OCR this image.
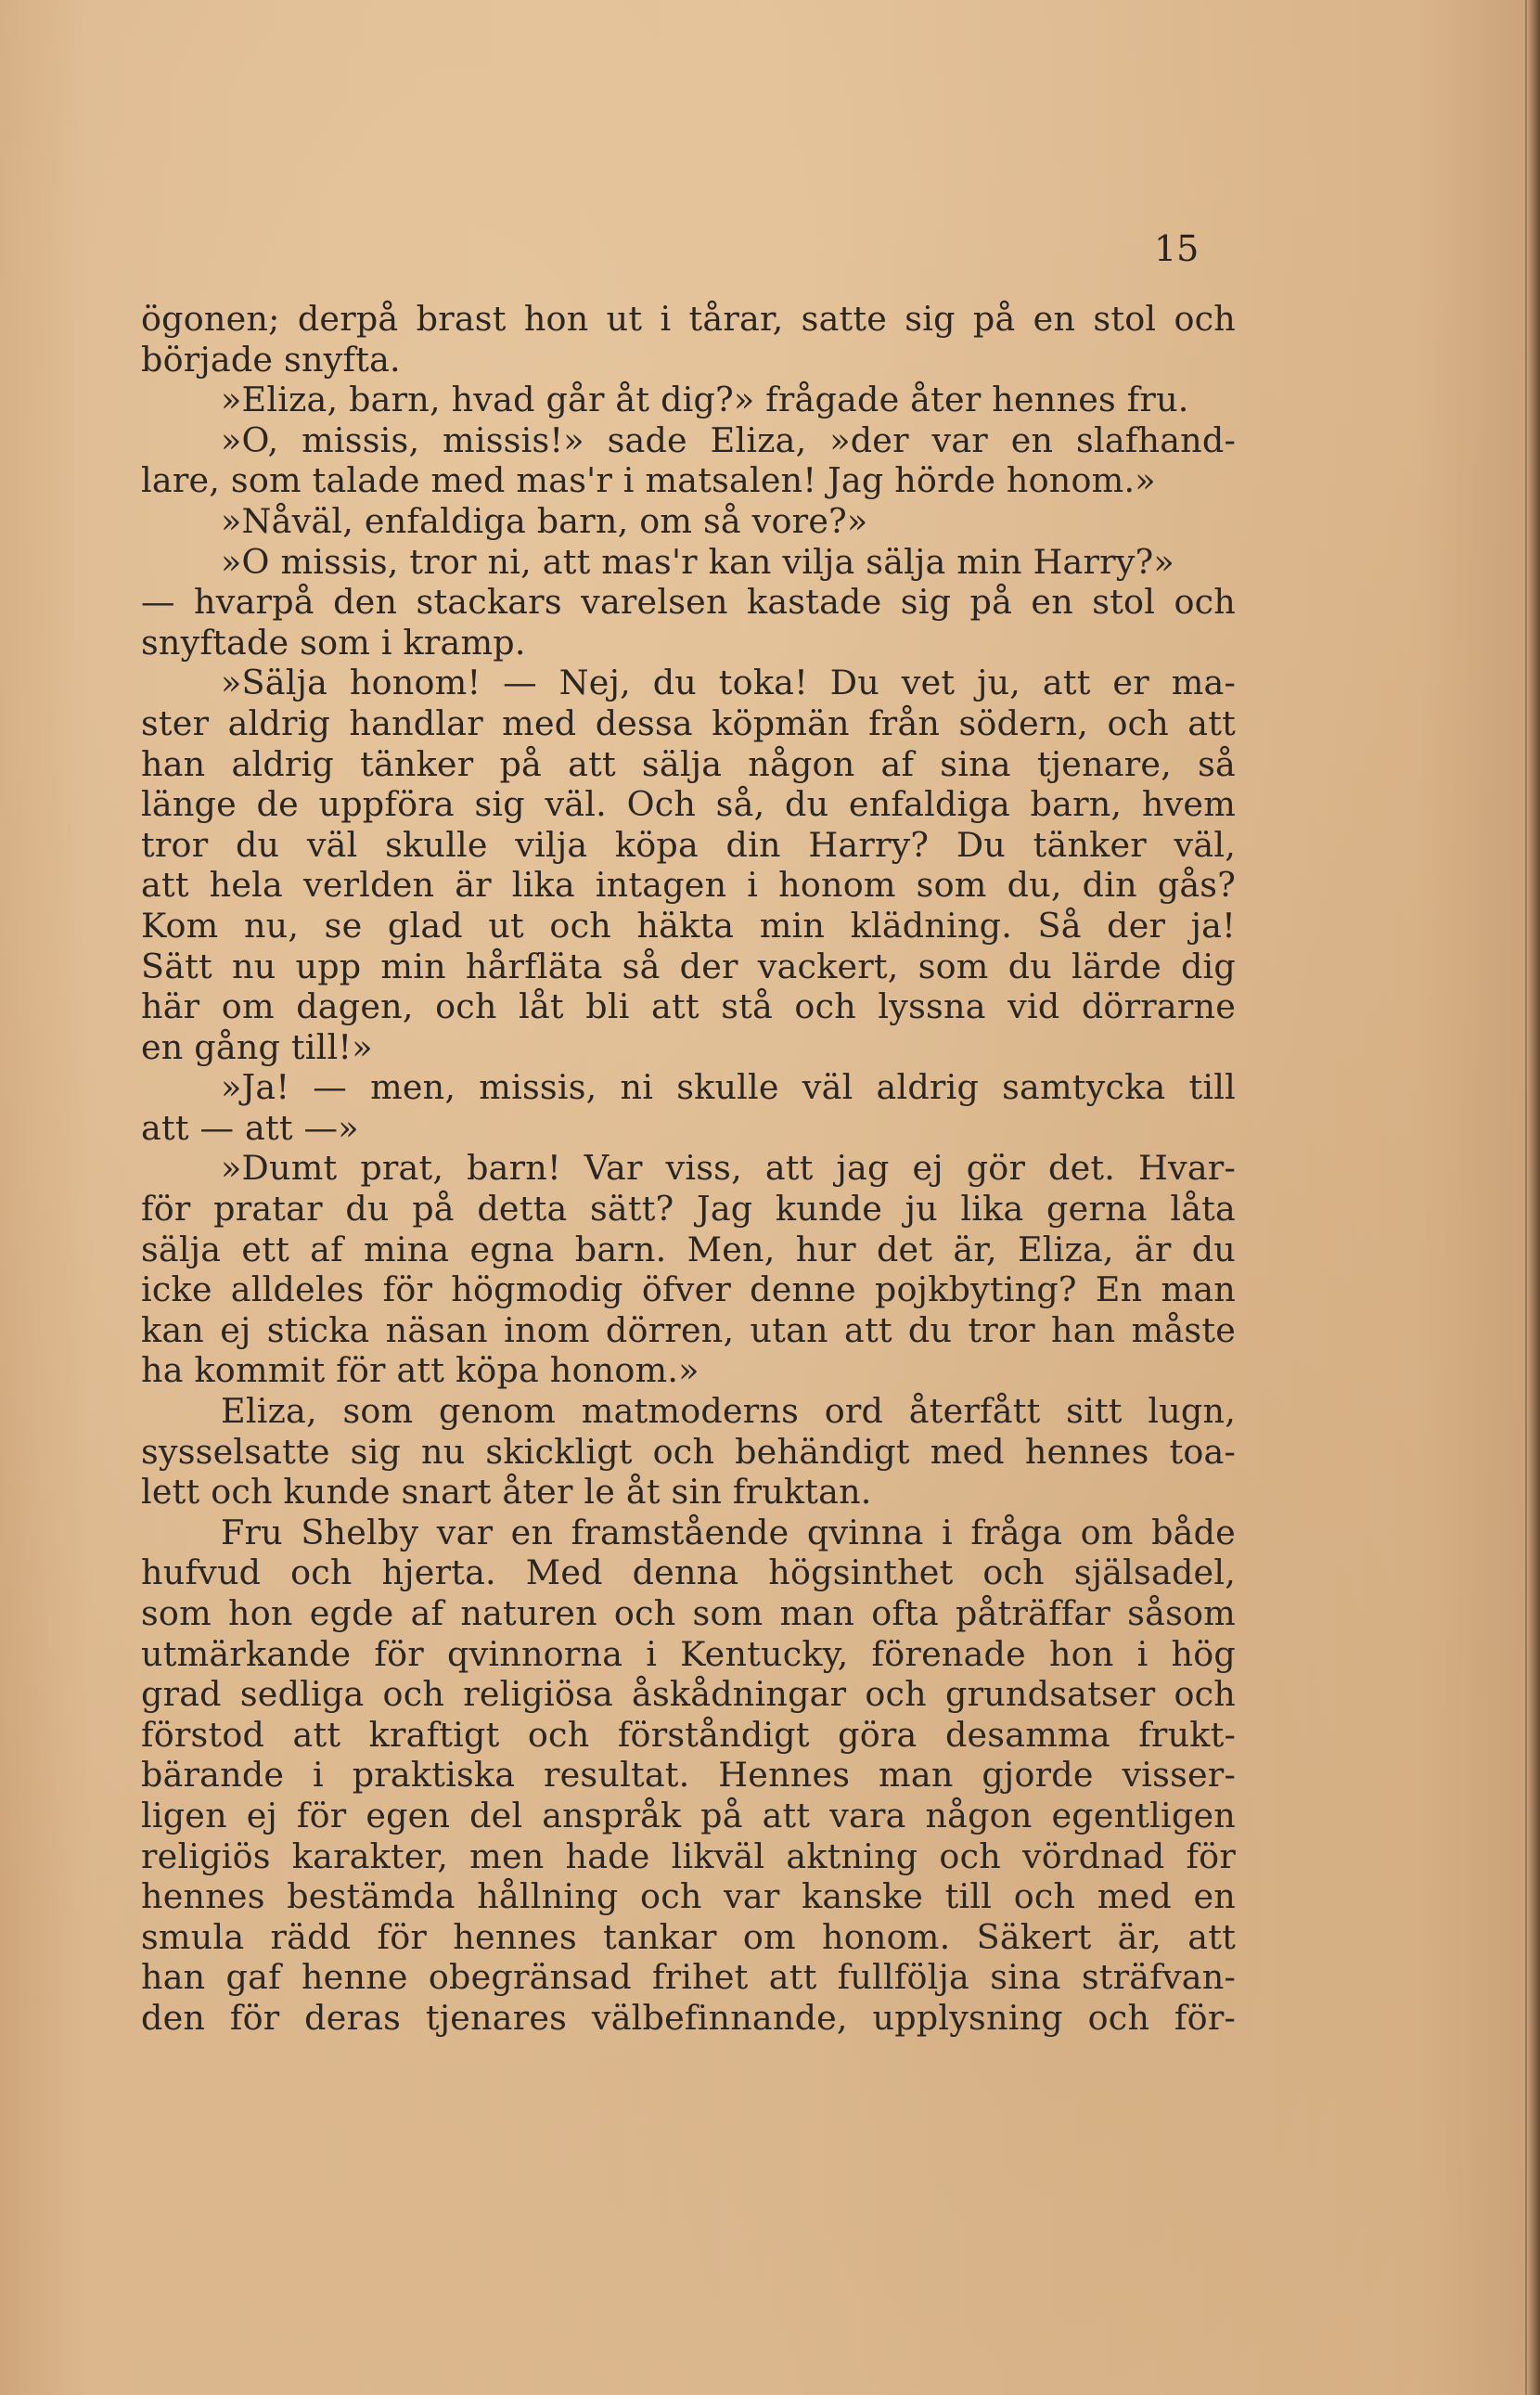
15
ögonen; derpå brast hon ut i tårar, satte sig på en stol och
började snyfta.
»Eliza, barn, hvad går åt dig?» frågade åter hennes fru.
»O, missis, missis!» sade Eliza, »der var en slafhand-
lare, som talade med mas'r i matsalen! Jag hörde honom.»
»Nåväl, enfaldiga barn, om så vore?»
»O missis, tror ni, att mas'r kan vilja sälja min Harry?»
— hvarpå den stackars varelsen kastade sig på en stol och
snyftade som i kramp.
»Sälja honom! — Nej, du toka! Du vet ju, att er ma-
ster aldrig handlar med dessa köpmän från södern, och att
han aldrig tänker på att sälja någon af sina tjenare, så
länge de uppföra sig väl. Och så, du enfaldiga barn, hvem
tror du väl skulle vilja köpa din Harry? Du tänker väl,
att hela verlden är lika intagen i honom som du, din gås?
Kom nu, se glad ut och häkta min klädning. Så der ja!
Sätt nu upp min hårfläta så der vackert, som du lärde dig
här om dagen, och låt bli att stå och lyssna vid dörrarne
en gång till!»
»Ja! — men, missis, ni skulle väl aldrig samtycka till
att — att —»
»Dumt prat, barn! Var viss, att jag ej gör det. Hvar-
för pratar du på detta sätt? Jag kunde ju lika gerna låta
sälja ett af mina egna barn. Men, hur det är, Eliza, är du
icke alldeles för högmodig öfver denne pojkbyting? En man
kan ej sticka näsan inom dörren, utan att du tror han måste
ha kommit för att köpa honom.»
Eliza, som genom matmoderns ord återfått sitt lugn,
sysselsatte sig nu skickligt och behändigt med hennes toa-
lett och kunde snart åter le åt sin fruktan.
Fru Shelby var en framstående qvinna i fråga om både
hufvud och hjerta. Med denna högsinthet och själsadel,
som hon egde af naturen och som man ofta påträffar såsom
utmärkande för qvinnorna i Kentucky, förenade hon i hög
grad sedliga och religiösa åskådningar och grundsatser och
förstod att kraftigt och förståndigt göra desamma frukt-
bärande i praktiska resultat. Hennes man gjorde visser-
ligen ej för egen del anspråk på att vara någon egentligen
religiös karakter, men hade likväl aktning och vördnad för
hennes bestämda hållning och var kanske till och med en
smula rädd för hennes tankar om honom. Säkert är, att
han gaf henne obegränsad frihet att fullfölja sina sträfvan-
den för deras tjenares välbefinnande, upplysning och för-
